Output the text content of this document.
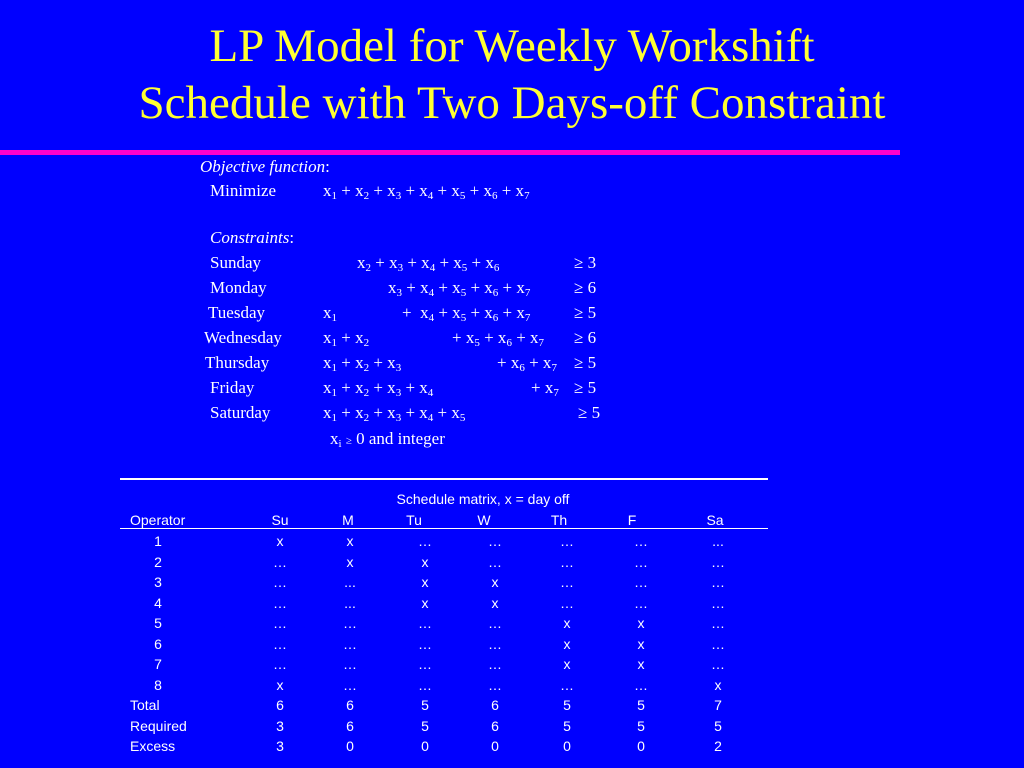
LP Model for Weekly Workshift
Schedule with Two Days-off Constraint
Objective function:
Minimize	$x_1 + x_2 + x_3 + x_4 + x_5 + x_6 + x_7$
Constraints:
Sunday	$x_2 + x_3 + x_4 + x_5 + x_6$	≥ 3
Monday	$x_3 + x_4 + x_5 + x_6 + x_7$	≥ 6
Tuesday	$x_1$	+  $x_4 + x_5 + x_6 + x_7$	≥ 5
Wednesday $x_1 + x_2$	+ $x_5 + x_6 + x_7 \ge 6$
Thursday	$x_1 + x_2 + x_3$	+ $x_6 + x_7 \ge 5$
Friday	$x_1 + x_2 + x_3 + x_4$	+ $x_7 \ge 5$
Saturday	$x_1 + x_2 + x_3 + x_4 + x_5$	≥ 5
$x_i \ge 0$ and integer
Schedule matrix, x = day off
Operator	Su	M	Tu	W	Th	F	Sa
1	x	x	…	…	…	…	...
2	…	x	x	…	…	…	…
3	…	...	x	x	…	…	…
4	…	...	x	x	…	…	…
5	…	…	…	…	x	x	…
6	…	…	…	…	x	x	…
7	…	…	…	…	x	x	…
8	x	…	…	…	…	…	x
Total	6	6	5	6	5	5	7
Required	3	6	5	6	5	5	5
Excess	3	0	0	0	0	0	2
